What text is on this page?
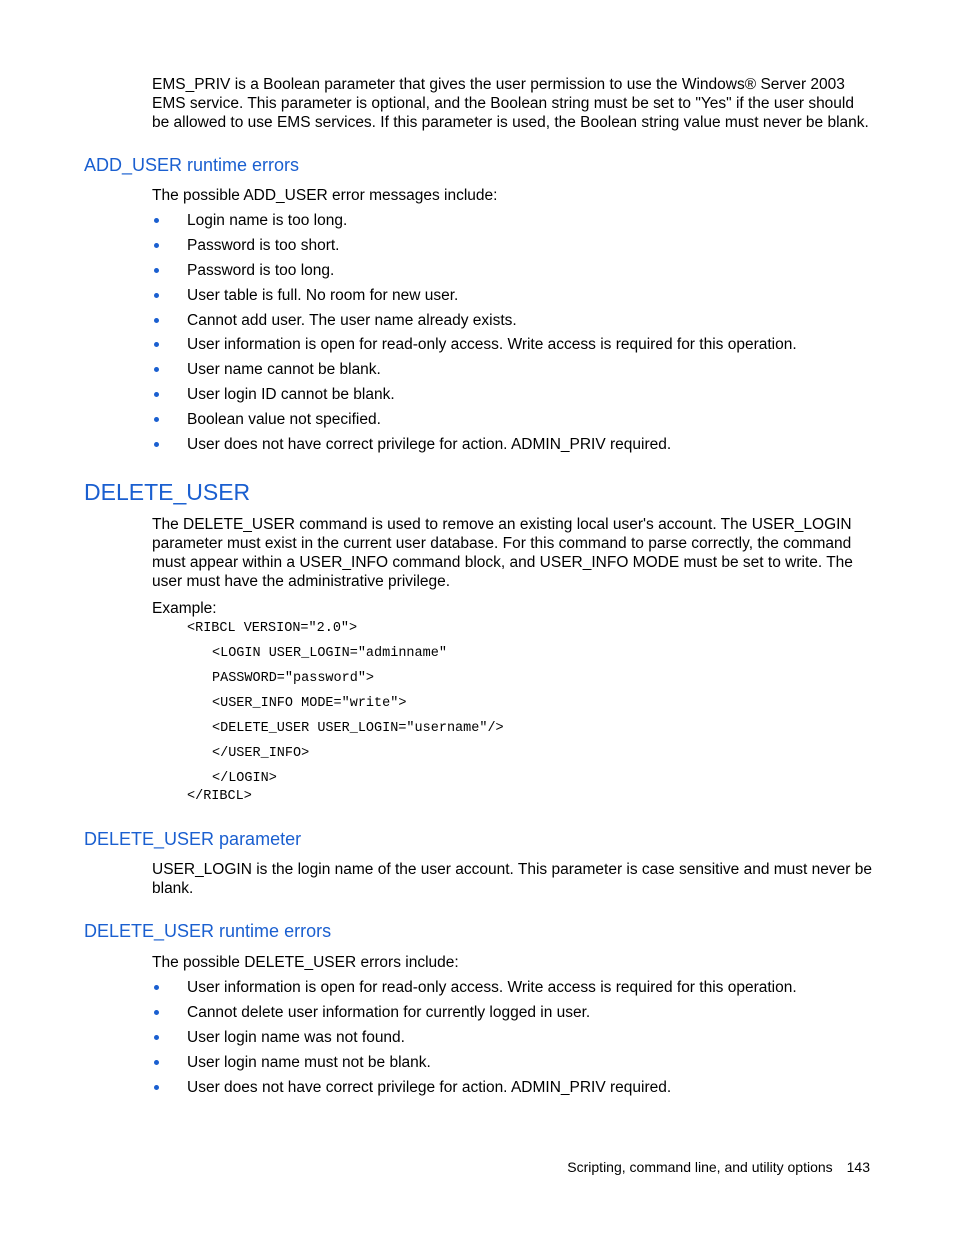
EMS_PRIV is a Boolean parameter that gives the user permission to use the Windows® Server 2003 EMS service. This parameter is optional, and the Boolean string must be set to "Yes" if the user should be allowed to use EMS services. If this parameter is used, the Boolean string value must never be blank.

ADD_USER runtime errors

The possible ADD_USER error messages include:

Login name is too long.
Password is too short.
Password is too long.
User table is full. No room for new user.
Cannot add user. The user name already exists.
User information is open for read-only access. Write access is required for this operation.
User name cannot be blank.
User login ID cannot be blank.
Boolean value not specified.
User does not have correct privilege for action. ADMIN_PRIV required.
DELETE_USER

The DELETE_USER command is used to remove an existing local user's account. The USER_LOGIN parameter must exist in the current user database. For this command to parse correctly, the command must appear within a USER_INFO command block, and USER_INFO MODE must be set to write. The user must have the administrative privilege.

Example:

<RIBCL VERSION="2.0">
<LOGIN USER_LOGIN="adminname"
PASSWORD="password">
<USER_INFO MODE="write">
<DELETE_USER USER_LOGIN="username"/>
</USER_INFO>
</LOGIN>
</RIBCL>
DELETE_USER parameter

USER_LOGIN is the login name of the user account. This parameter is case sensitive and must never be blank.

DELETE_USER runtime errors

The possible DELETE_USER errors include:

User information is open for read-only access. Write access is required for this operation.
Cannot delete user information for currently logged in user.
User login name was not found.
User login name must not be blank.
User does not have correct privilege for action. ADMIN_PRIV required.
Scripting, command line, and utility options 143
